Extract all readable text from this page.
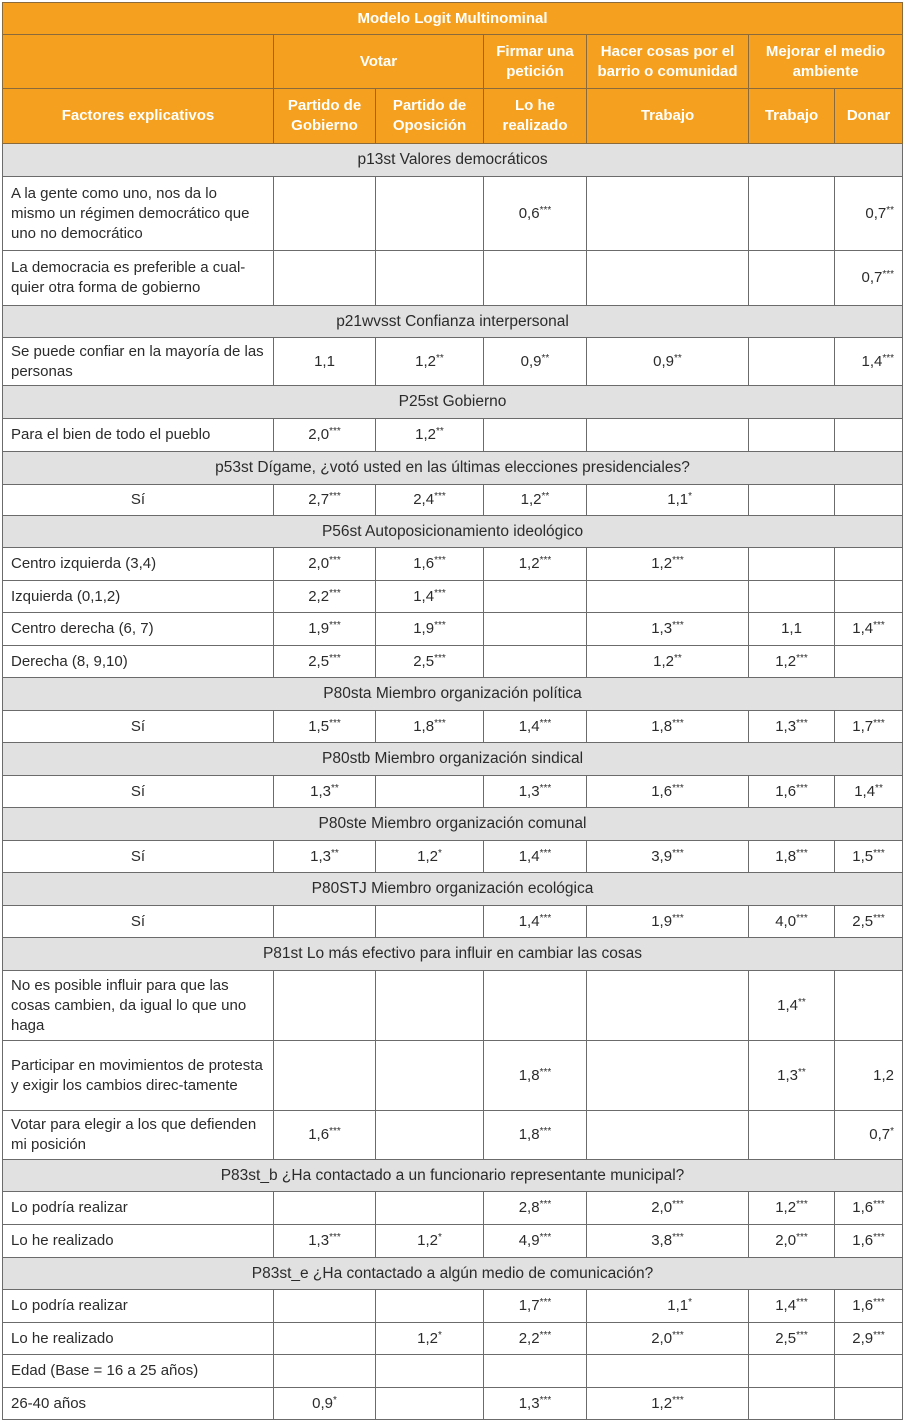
Modelo Logit Multinominal						
	Votar		Firmar una petición	Hacer cosas por el barrio o comunidad	Mejorar el medio ambiente	
Factores explicativos	Partido de Gobierno	Partido de Oposición	Lo he realizado	Trabajo	Trabajo	Donar
p13st Valores democráticos						
A la gente como uno, nos da lo mismo un régimen democrático que uno no democrático			0,6***			0,7**
La democracia es preferible a cual-quier otra forma de gobierno						0,7***
p21wvsst Confianza interpersonal						
Se puede confiar en la mayoría de las personas	1,1	1,2**	0,9**	0,9**		1,4***
P25st Gobierno						
Para el bien de todo el pueblo	2,0***	1,2**				
p53st Dígame, ¿votó usted en las últimas elecciones presidenciales?						
Sí	2,7***	2,4***	1,2**	1,1*		
P56st Autoposicionamiento ideológico						
Centro izquierda (3,4)	2,0***	1,6***	1,2***	1,2***		
Izquierda (0,1,2)	2,2***	1,4***				
Centro derecha (6, 7)	1,9***	1,9***		1,3***	1,1	1,4***
Derecha (8, 9,10)	2,5***	2,5***		1,2**	1,2***	
P80sta Miembro organización política						
Sí	1,5***	1,8***	1,4***	1,8***	1,3***	1,7***
P80stb Miembro organización sindical						
Sí	1,3**		1,3***	1,6***	1,6***	1,4**
P80ste Miembro organización comunal						
Sí	1,3**	1,2*	1,4***	3,9***	1,8***	1,5***
P80STJ Miembro organización ecológica						
Sí			1,4***	1,9***	4,0***	2,5***
P81st Lo más efectivo para influir en cambiar las cosas						
No es posible influir para que las cosas cambien, da igual lo que uno haga					1,4**	
Participar en movimientos de protesta y exigir los cambios direc-tamente			1,8***		1,3**	1,2
Votar para elegir a los que defienden mi posición	1,6***		1,8***			0,7*
P83st_b ¿Ha contactado a un funcionario representante municipal?						
Lo podría realizar			2,8***	2,0***	1,2***	1,6***
Lo he realizado	1,3***	1,2*	4,9***	3,8***	2,0***	1,6***
P83st_e ¿Ha contactado a algún medio de comunicación?						
Lo podría realizar			1,7***	1,1*	1,4***	1,6***
Lo he realizado		1,2*	2,2***	2,0***	2,5***	2,9***
Edad (Base = 16 a 25 años)						
26-40 años	0,9*		1,3***	1,2***		
